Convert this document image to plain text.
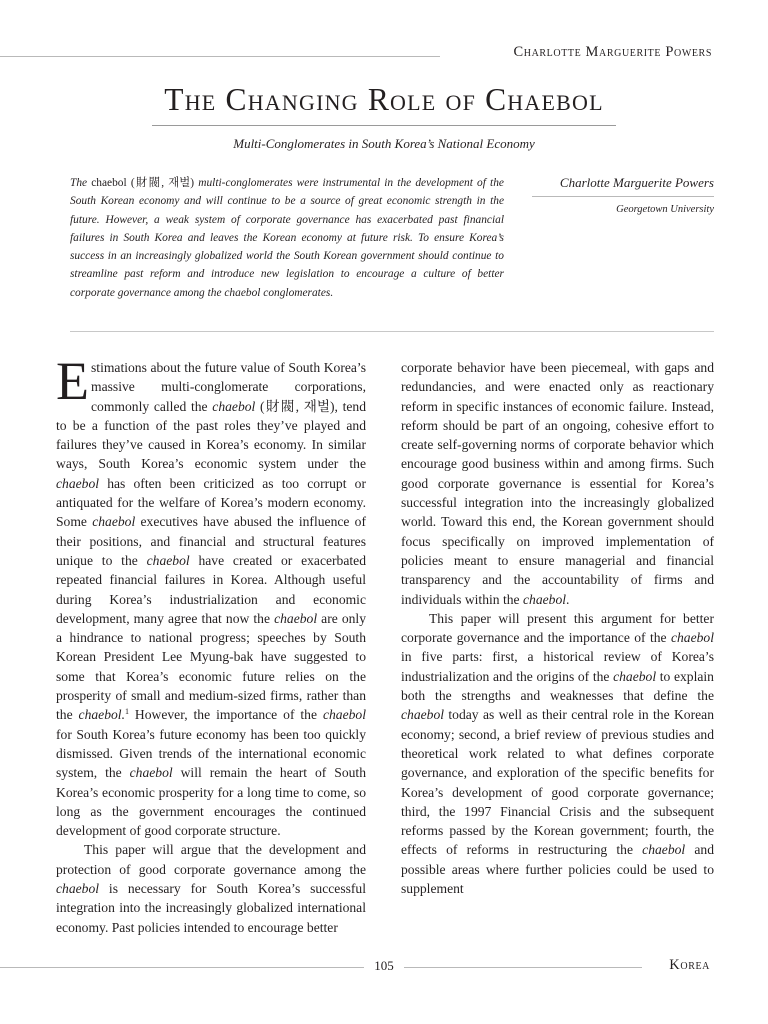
Charlotte Marguerite Powers
The Changing Role of Chaebol
Multi-Conglomerates in South Korea’s National Economy

The chaebol (財閥, 재벌) multi-conglomerates were instrumental in the development of the South Korean economy and will continue to be a source of great economic strength in the future. However, a weak system of corporate governance has exacerbated past financial failures in South Korea and leaves the Korean economy at future risk. To ensure Korea’s success in an increasingly globalized world the South Korean government should continue to streamline past reform and introduce new legislation to encourage a culture of better corporate governance among the chaebol conglomerates.

Charlotte Marguerite Powers
Georgetown University

Estimations about the future value of South Korea’s massive multi-conglomerate corporations, commonly called the chaebol (財閥, 재벌), tend to be a function of the past roles they’ve played and failures they’ve caused in Korea’s economy. In similar ways, South Korea’s economic system under the chaebol has often been criticized as too corrupt or antiquated for the welfare of Korea’s modern economy. Some chaebol executives have abused the influence of their positions, and financial and structural features unique to the chaebol have created or exacerbated repeated financial failures in Korea. Although useful during Korea’s industrialization and economic development, many agree that now the chaebol are only a hindrance to national progress; speeches by South Korean President Lee Myung-bak have suggested to some that Korea’s economic future relies on the prosperity of small and medium-sized firms, rather than the chaebol.$^1$ However, the importance of the chaebol for South Korea’s future economy has been too quickly dismissed. Given trends of the international economic system, the chaebol will remain the heart of South Korea’s economic prosperity for a long time to come, so long as the government encourages the continued development of good corporate structure.

This paper will argue that the development and protection of good corporate governance among the chaebol is necessary for South Korea’s successful integration into the increasingly globalized international economy. Past policies intended to encourage better

corporate behavior have been piecemeal, with gaps and redundancies, and were enacted only as reactionary reform in specific instances of economic failure. Instead, reform should be part of an ongoing, cohesive effort to create self-governing norms of corporate behavior which encourage good business within and among firms. Such good corporate governance is essential for Korea’s successful integration into the increasingly globalized world. Toward this end, the Korean government should focus specifically on improved implementation of policies meant to ensure managerial and financial transparency and the accountability of firms and individuals within the chaebol.

This paper will present this argument for better corporate governance and the importance of the chaebol in five parts: first, a historical review of Korea’s industrialization and the origins of the chaebol to explain both the strengths and weaknesses that define the chaebol today as well as their central role in the Korean economy; second, a brief review of previous studies and theoretical work related to what defines corporate governance, and exploration of the specific benefits for Korea’s development of good corporate governance; third, the 1997 Financial Crisis and the subsequent reforms passed by the Korean government; fourth, the effects of reforms in restructuring the chaebol and possible areas where further policies could be used to supplement

105	Korea
